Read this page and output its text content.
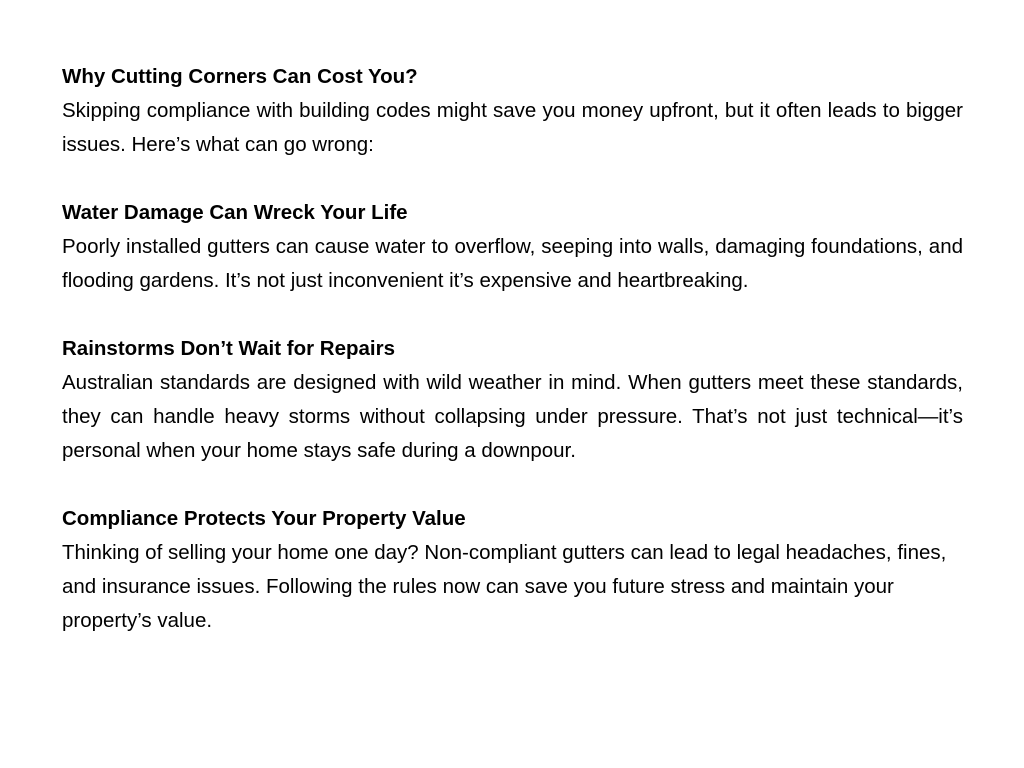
Why Cutting Corners Can Cost You?

Skipping compliance with building codes might save you money upfront, but it often leads to bigger issues. Here’s what can go wrong:

Water Damage Can Wreck Your Life

Poorly installed gutters can cause water to overflow, seeping into walls, damaging foundations, and flooding gardens. It’s not just inconvenient it’s expensive and heartbreaking.

Rainstorms Don’t Wait for Repairs

Australian standards are designed with wild weather in mind. When gutters meet these standards, they can handle heavy storms without collapsing under pressure. That’s not just technical—it’s personal when your home stays safe during a downpour.

Compliance Protects Your Property Value

Thinking of selling your home one day? Non-compliant gutters can lead to legal headaches, fines, and insurance issues. Following the rules now can save you future stress and maintain your property’s value.
